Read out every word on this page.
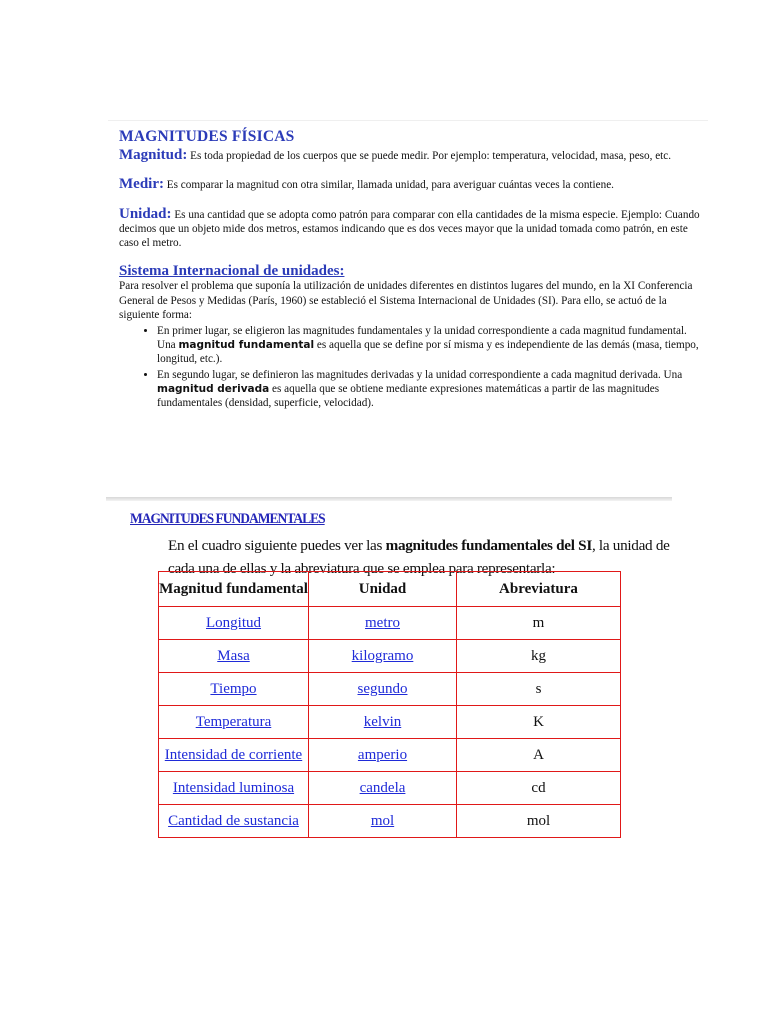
MAGNITUDES FÍSICAS

Magnitud: Es toda propiedad de los cuerpos que se puede medir. Por ejemplo: temperatura, velocidad, masa, peso, etc.

Medir: Es comparar la magnitud con otra similar, llamada unidad, para averiguar cuántas veces la contiene.

Unidad: Es una cantidad que se adopta como patrón para comparar con ella cantidades de la misma especie. Ejemplo: Cuando decimos que un objeto mide dos metros, estamos indicando que es dos veces mayor que la unidad tomada como patrón, en este caso el metro.

Sistema Internacional de unidades:

Para resolver el problema que suponía la utilización de unidades diferentes en distintos lugares del mundo, en la XI Conferencia General de Pesos y Medidas (París, 1960) se estableció el Sistema Internacional de Unidades (SI). Para ello, se actuó de la siguiente forma:

• En primer lugar, se eligieron las magnitudes fundamentales y la unidad correspondiente a cada magnitud fundamental. Una magnitud fundamental es aquella que se define por sí misma y es independiente de las demás (masa, tiempo, longitud, etc.).
• En segundo lugar, se definieron las magnitudes derivadas y la unidad correspondiente a cada magnitud derivada. Una magnitud derivada es aquella que se obtiene mediante expresiones matemáticas a partir de las magnitudes fundamentales (densidad, superficie, velocidad).
MAGNITUDES FUNDAMENTALES

En el cuadro siguiente puedes ver las magnitudes fundamentales del SI, la unidad de cada una de ellas y la abreviatura que se emplea para representarla:

Magnitud fundamental	Unidad	Abreviatura
Longitud	metro	m
Masa	kilogramo	kg
Tiempo	segundo	s
Temperatura	kelvin	K
Intensidad de corriente	amperio	A
Intensidad luminosa	candela	cd
Cantidad de sustancia	mol	mol
